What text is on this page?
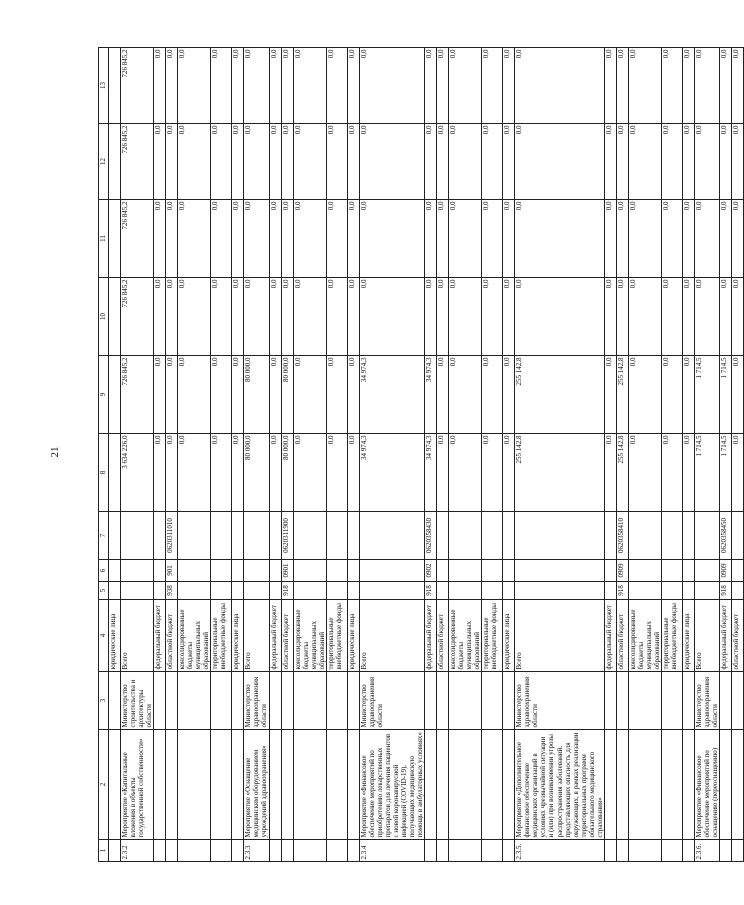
21
1	2	3	4	5	6	7	8	9	10	11	12	13
			юридические лица									
2.3.2	Мероприятие «Капитальные вложения в объекты государственной собственности»	Министерство строительства и архитектуры области	Всего				3 634 226,0	726 845,2	726 845,2	726 845,2	726 845,2	726 845,2
			федеральный бюджет				0,0	0,0	0,0	0,0	0,0	0,0
			областной бюджет	938	901	0620311010	0,0	0,0	0,0	0,0	0,0	0,0
			консолидированные бюджеты муниципальных образований				0,0	0,0	0,0	0,0	0,0	0,0
			территориальные внебюджетные фонды				0,0	0,0	0,0	0,0	0,0	0,0
			юридические лица				0,0	0,0	0,0	0,0	0,0	0,0
2.3.3	Мероприятие «Оснащение медицинским оборудованием учреждений здравоохранения»	Министерство здравоохранения области	Всего				80 000,0	80 000,0	0,0	0,0	0,0	0,0
			федеральный бюджет				0,0	0,0	0,0	0,0	0,0	0,0
			областной бюджет	918	0901	0620311900	80 000,0	80 000,0	0,0	0,0	0,0	0,0
			консолидированные бюджеты муниципальных образований				0,0	0,0	0,0	0,0	0,0	0,0
			территориальные внебюджетные фонды				0,0	0,0	0,0	0,0	0,0	0,0
			юридические лица				0,0	0,0	0,0	0,0	0,0	0,0
2.3.4	Мероприятие «Финансовое обеспечение мероприятий по приобретению лекарственных препаратов для лечения пациентов с новой коронавирусной инфекцией (COVID-19), получающих медицинскую помощь в амбулаторных условиях»	Министерство здравоохранения области	Всего				34 974,3	34 974,3	0,0	0,0	0,0	0,0
			федеральный бюджет	918	0902	0620358430	34 974,3	34 974,3	0,0	0,0	0,0	0,0
			областной бюджет				0,0	0,0	0,0	0,0	0,0	0,0
			консолидированные бюджеты муниципальных образований				0,0	0,0	0,0	0,0	0,0	0,0
			территориальные внебюджетные фонды				0,0	0,0	0,0	0,0	0,0	0,0
			юридические лица				0,0	0,0	0,0	0,0	0,0	0,0
2.3.5.	Мероприятие «Дополнительное финансовое обеспечение медицинских организаций в условиях чрезвычайной ситуации и (или) при возникновении угрозы распространения заболеваний, представляющих опасность для окружающих, в рамках реализации территориальных программ обязательного медицинского страхования»	Министерство здравоохранения области	Всего				255 142,8	255 142,8	0,0	0,0	0,0	0,0
			федеральный бюджет				0,0	0,0	0,0	0,0	0,0	0,0
			областной бюджет	918	0909	0620358410	255 142,8	255 142,8	0,0	0,0	0,0	0,0
			консолидированные бюджеты муниципальных образований				0,0	0,0	0,0	0,0	0,0	0,0
			территориальные внебюджетные фонды				0,0	0,0	0,0	0,0	0,0	0,0
			юридические лица				0,0	0,0	0,0	0,0	0,0	0,0
2.3.6.	Мероприятие «Финансовое обеспечение мероприятий по оснащению (переоснащению)	Министерство здравоохранения области	Всего				1 714,5	1 714,5	0,0	0,0	0,0	0,0
			федеральный бюджет	918	0909	0620358450	1 714,5	1 714,5	0,0	0,0	0,0	0,0
			областной бюджет				0,0	0,0	0,0	0,0	0,0	0,0
